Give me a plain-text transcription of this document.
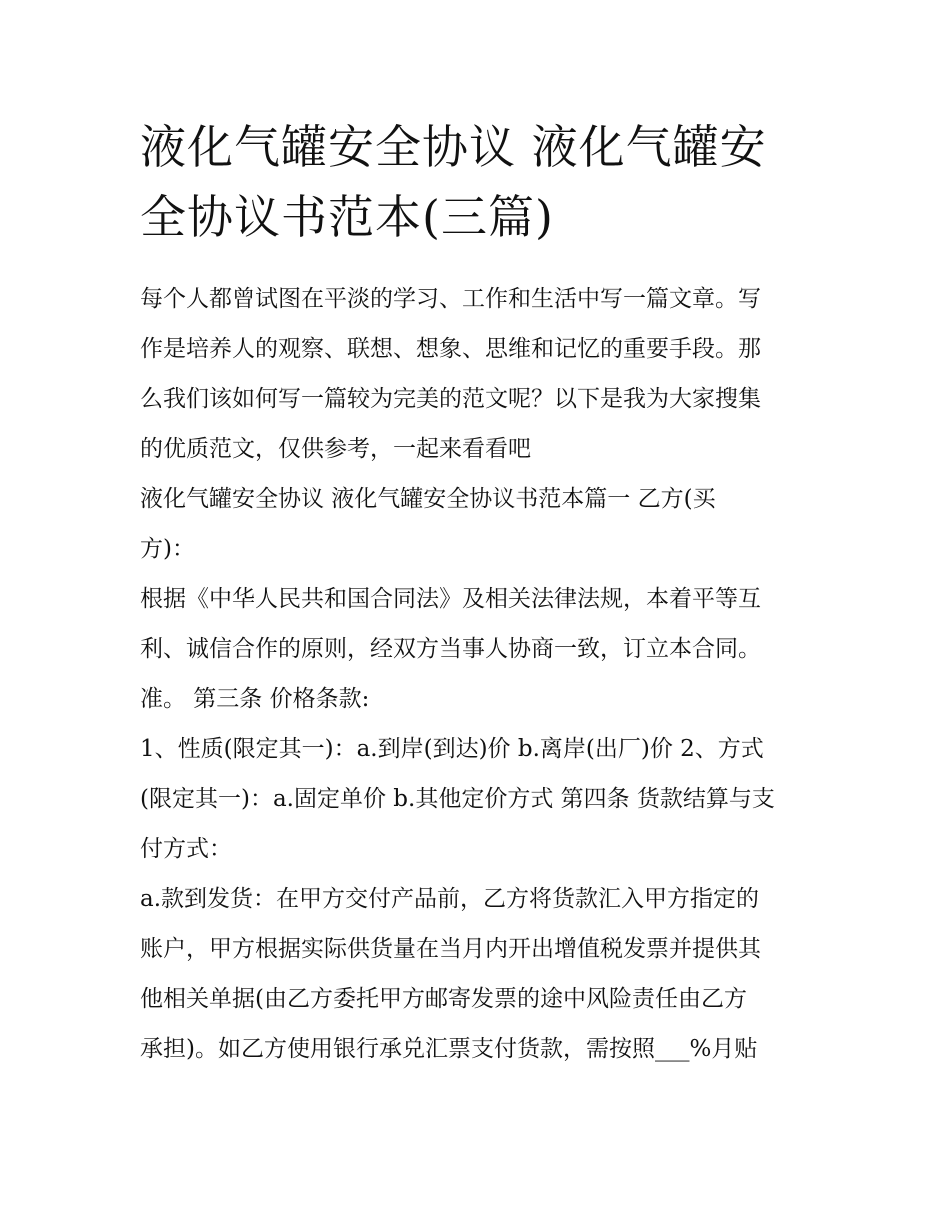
液化气罐安全协议 液化气罐安
全协议书范本(三篇)

每个人都曾试图在平淡的学习、工作和生活中写一篇文章。写
作是培养人的观察、联想、想象、思维和记忆的重要手段。那
么我们该如何写一篇较为完美的范文呢？以下是我为大家搜集
的优质范文，仅供参考，一起来看看吧

液化气罐安全协议 液化气罐安全协议书范本篇一 乙方(买
方)：

根据《中华人民共和国合同法》及相关法律法规，本着平等互
利、诚信合作的原则，经双方当事人协商一致，订立本合同。
准。 第三条 价格条款:

1、性质(限定其一)：a.到岸(到达)价 b.离岸(出厂)价 2、方式
(限定其一)：a.固定单价 b.其他定价方式 第四条 货款结算与支
付方式：

a.款到发货：在甲方交付产品前，乙方将货款汇入甲方指定的
账户，甲方根据实际供货量在当月内开出增值税发票并提供其
他相关单据(由乙方委托甲方邮寄发票的途中风险责任由乙方
承担)。如乙方使用银行承兑汇票支付货款，需按照___%月贴
